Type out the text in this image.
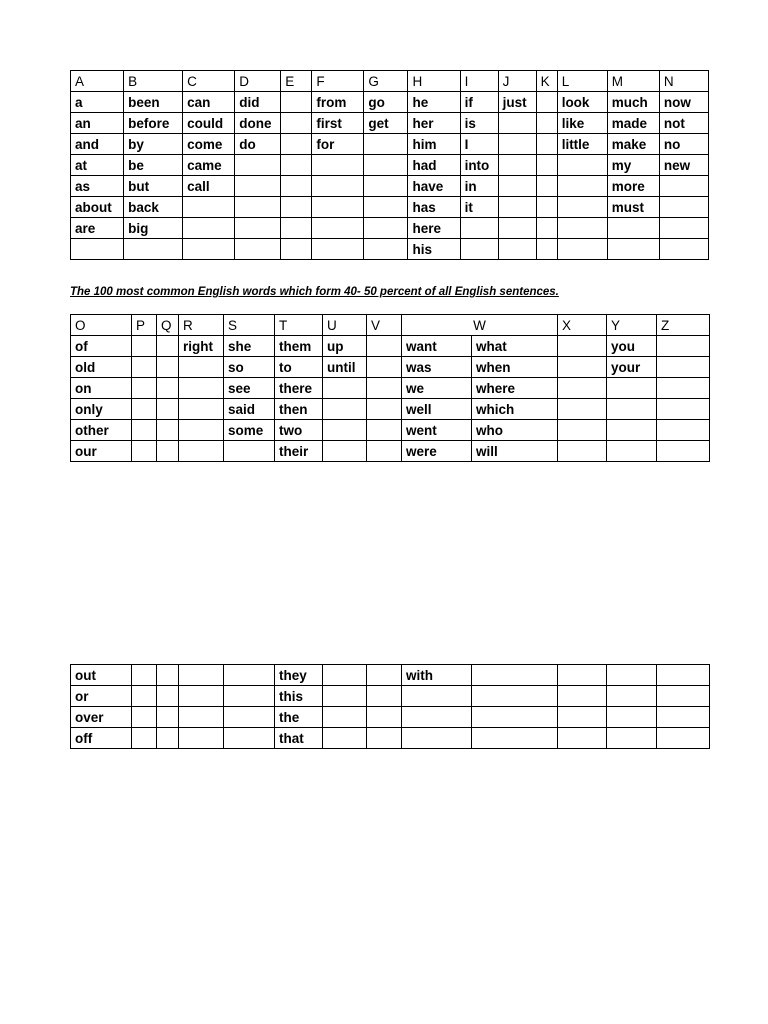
A	B	C	D	E	F	G	H	I	J	K	L	M	N
a	been	can	did		from	go	he	if	just		look	much	now
an	before	could	done		first	get	her	is			like	made	not
and	by	come	do		for		him	I			little	make	no
at	be	came					had	into				my	new
as	but	call					have	in				more	
about	back						has	it				must	
are	big						here						
							his						
The 100 most common English words which form 40- 50 percent of all English sentences.
O	P	Q	R	S	T	U	V	W		X	Y	Z
of			right	she	them	up		want	what		you	
old				so	to	until		was	when		your	
on				see	there			we	where			
only				said	then			well	which			
other				some	two			went	who			
our					their			were	will			
out					they			with				
or					this							
over					the							
off					that							
